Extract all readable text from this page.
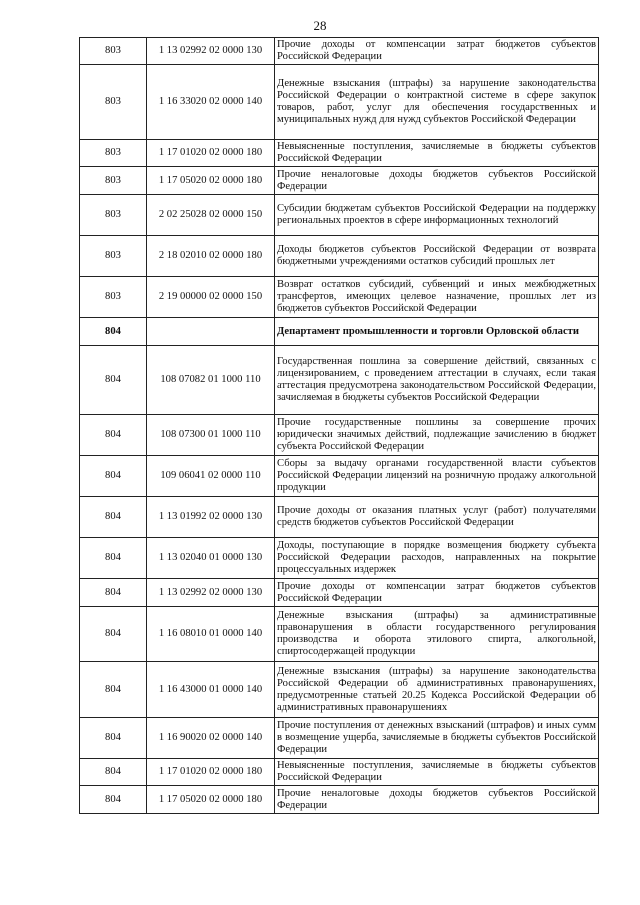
28
803	1 13 02992 02 0000 130	Прочие доходы от компенсации затрат бюджетов субъектов Российской Федерации
803	1 16 33020 02 0000 140	Денежные взыскания (штрафы) за нарушение законодательства Российской Федерации о контрактной системе в сфере закупок товаров, работ, услуг для обеспечения государственных и муниципальных нужд для нужд субъектов Российской Федерации
803	1 17 01020 02 0000 180	Невыясненные поступления, зачисляемые в бюджеты субъектов Российской Федерации
803	1 17 05020 02 0000 180	Прочие неналоговые доходы бюджетов субъектов Российской Федерации
803	2 02 25028 02 0000 150	Субсидии бюджетам субъектов Российской Федерации на поддержку региональных проектов в сфере информационных технологий
803	2 18 02010 02 0000 180	Доходы бюджетов субъектов Российской Федерации от возврата бюджетными учреждениями остатков субсидий прошлых лет
803	2 19 00000 02 0000 150	Возврат остатков субсидий, субвенций и иных межбюджетных трансфертов, имеющих целевое назначение, прошлых лет из бюджетов субъектов Российской Федерации
804		Департамент промышленности и торговли Орловской области
804	108 07082 01 1000 110	Государственная пошлина за совершение действий, связанных с лицензированием, с проведением аттестации в случаях, если такая аттестация предусмотрена законодательством Российской Федерации, зачисляемая в бюджеты субъектов Российской Федерации
804	108 07300 01 1000 110	Прочие государственные пошлины за совершение прочих юридически значимых действий, подлежащие зачислению в бюджет субъекта Российской Федерации
804	109 06041 02 0000 110	Сборы за выдачу органами государственной власти субъектов Российской Федерации лицензий на розничную продажу алкогольной продукции
804	1 13 01992 02 0000 130	Прочие доходы от оказания платных услуг (работ) получателями средств бюджетов субъектов Российской Федерации
804	1 13 02040 01 0000 130	Доходы, поступающие в порядке возмещения бюджету субъекта Российской Федерации расходов, направленных на покрытие процессуальных издержек
804	1 13 02992 02 0000 130	Прочие доходы от компенсации затрат бюджетов субъектов Российской Федерации
804	1 16 08010 01 0000 140	Денежные взыскания (штрафы) за административные правонарушения в области государственного регулирования производства и оборота этилового спирта, алкогольной, спиртосодержащей продукции
804	1 16 43000 01 0000 140	Денежные взыскания (штрафы) за нарушение законодательства Российской Федерации об административных правонарушениях, предусмотренные статьей 20.25 Кодекса Российской Федерации об административных правонарушениях
804	1 16 90020 02 0000 140	Прочие поступления от денежных взысканий (штрафов) и иных сумм в возмещение ущерба, зачисляемые в бюджеты субъектов Российской Федерации
804	1 17 01020 02 0000 180	Невыясненные поступления, зачисляемые в бюджеты субъектов Российской Федерации
804	1 17 05020 02 0000 180	Прочие неналоговые доходы бюджетов субъектов Российской Федерации
